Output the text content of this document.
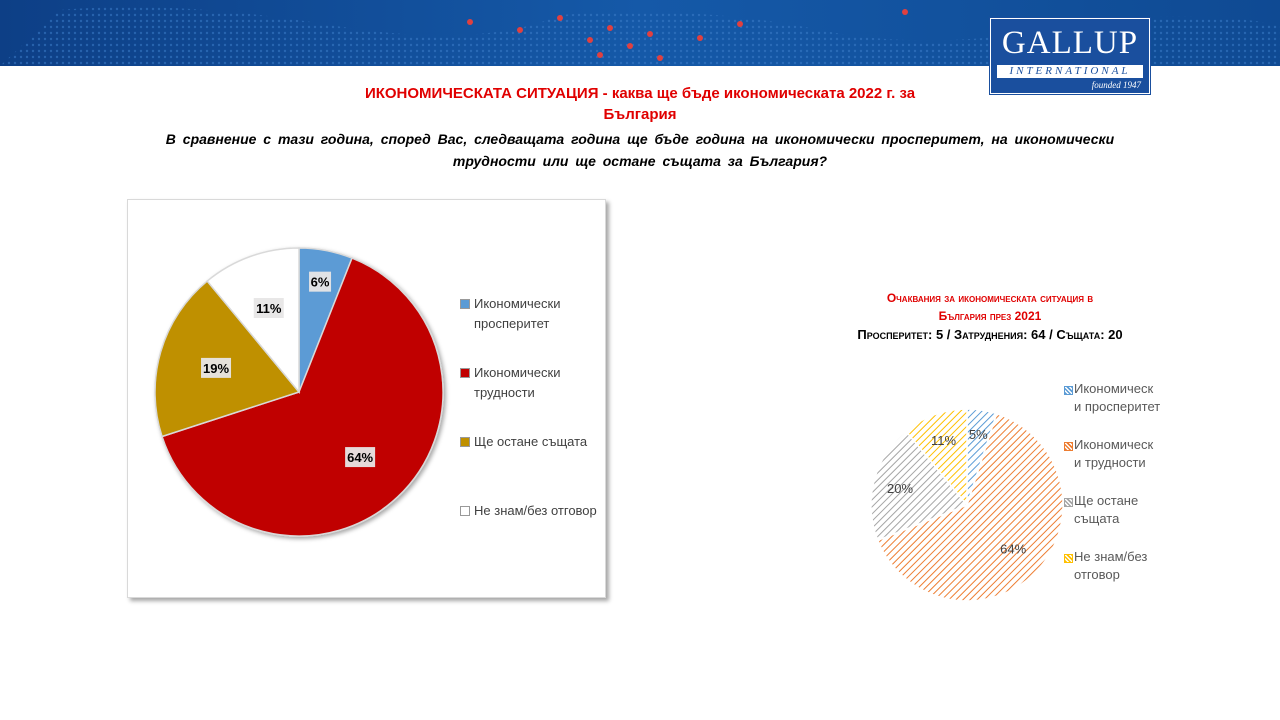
GALLUP
INTERNATIONAL
founded 1947
ИКОНОМИЧЕСКАТА СИТУАЦИЯ - каква ще бъде икономическата 2022 г. за
България
В сравнение с тази година, според Вас, следващата година ще бъде година на икономически просперитет, на икономически
трудности или ще остане същата за България?
6%
64%
19%
11%	Икономически просперитет
Икономически трудности
Ще остане същата
Не знам/без отговор
Очаквания за икономическата ситуация в
България през 2021
Просперитет: 5 / Затруднения: 64 / Същата: 20
5%
64%
20%
11%
Икономическ
и просперитет
Икономическ
и трудности
Ще остане
същата
Не знам/без
отговор
